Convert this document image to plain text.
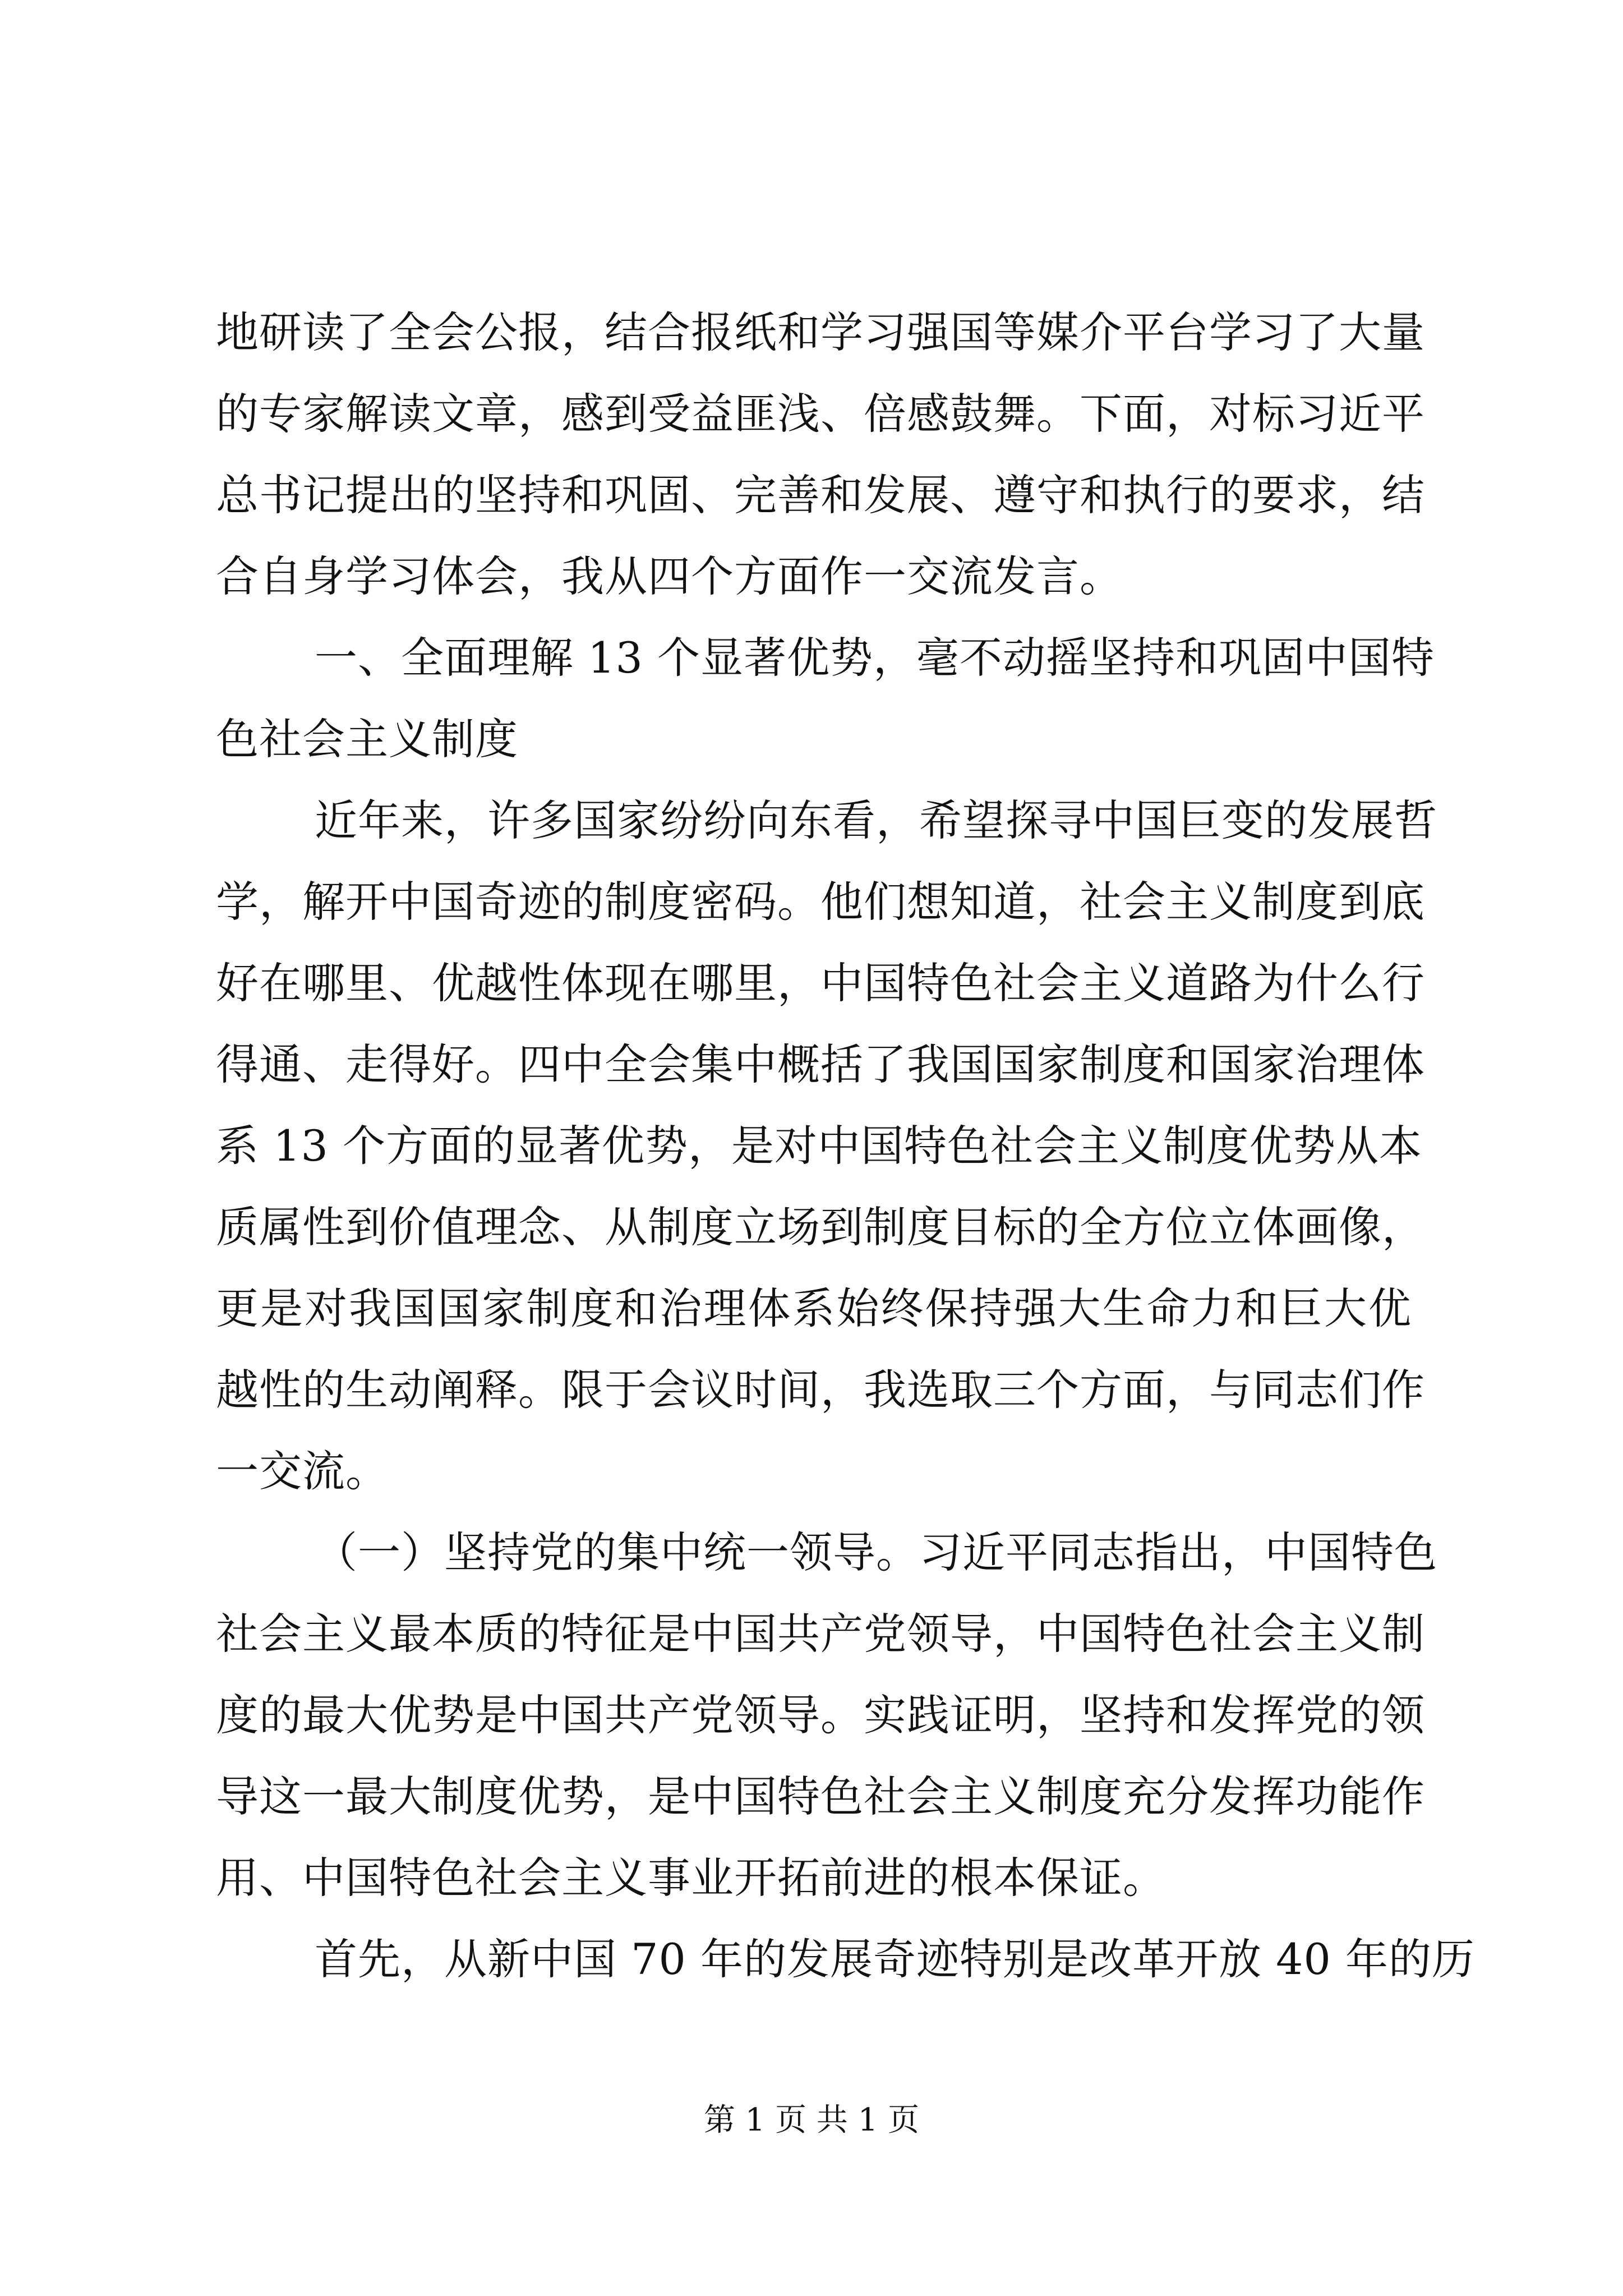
地研读了全会公报，结合报纸和学习强国等媒介平台学习了大量
的专家解读文章，感到受益匪浅、倍感鼓舞。下面，对标习近平
总书记提出的坚持和巩固、完善和发展、遵守和执行的要求，结
合自身学习体会，我从四个方面作一交流发言。
一、全面理解 13 个显著优势，毫不动摇坚持和巩固中国特
色社会主义制度
近年来，许多国家纷纷向东看，希望探寻中国巨变的发展哲
学，解开中国奇迹的制度密码。他们想知道，社会主义制度到底
好在哪里、优越性体现在哪里，中国特色社会主义道路为什么行
得通、走得好。四中全会集中概括了我国国家制度和国家治理体
系 13 个方面的显著优势，是对中国特色社会主义制度优势从本
质属性到价值理念、从制度立场到制度目标的全方位立体画像，
更是对我国国家制度和治理体系始终保持强大生命力和巨大优
越性的生动阐释。限于会议时间，我选取三个方面，与同志们作
一交流。
（一）坚持党的集中统一领导。习近平同志指出，中国特色
社会主义最本质的特征是中国共产党领导，中国特色社会主义制
度的最大优势是中国共产党领导。实践证明，坚持和发挥党的领
导这一最大制度优势，是中国特色社会主义制度充分发挥功能作
用、中国特色社会主义事业开拓前进的根本保证。
首先，从新中国 70 年的发展奇迹特别是改革开放 40 年的历
第 1 页 共 1 页
